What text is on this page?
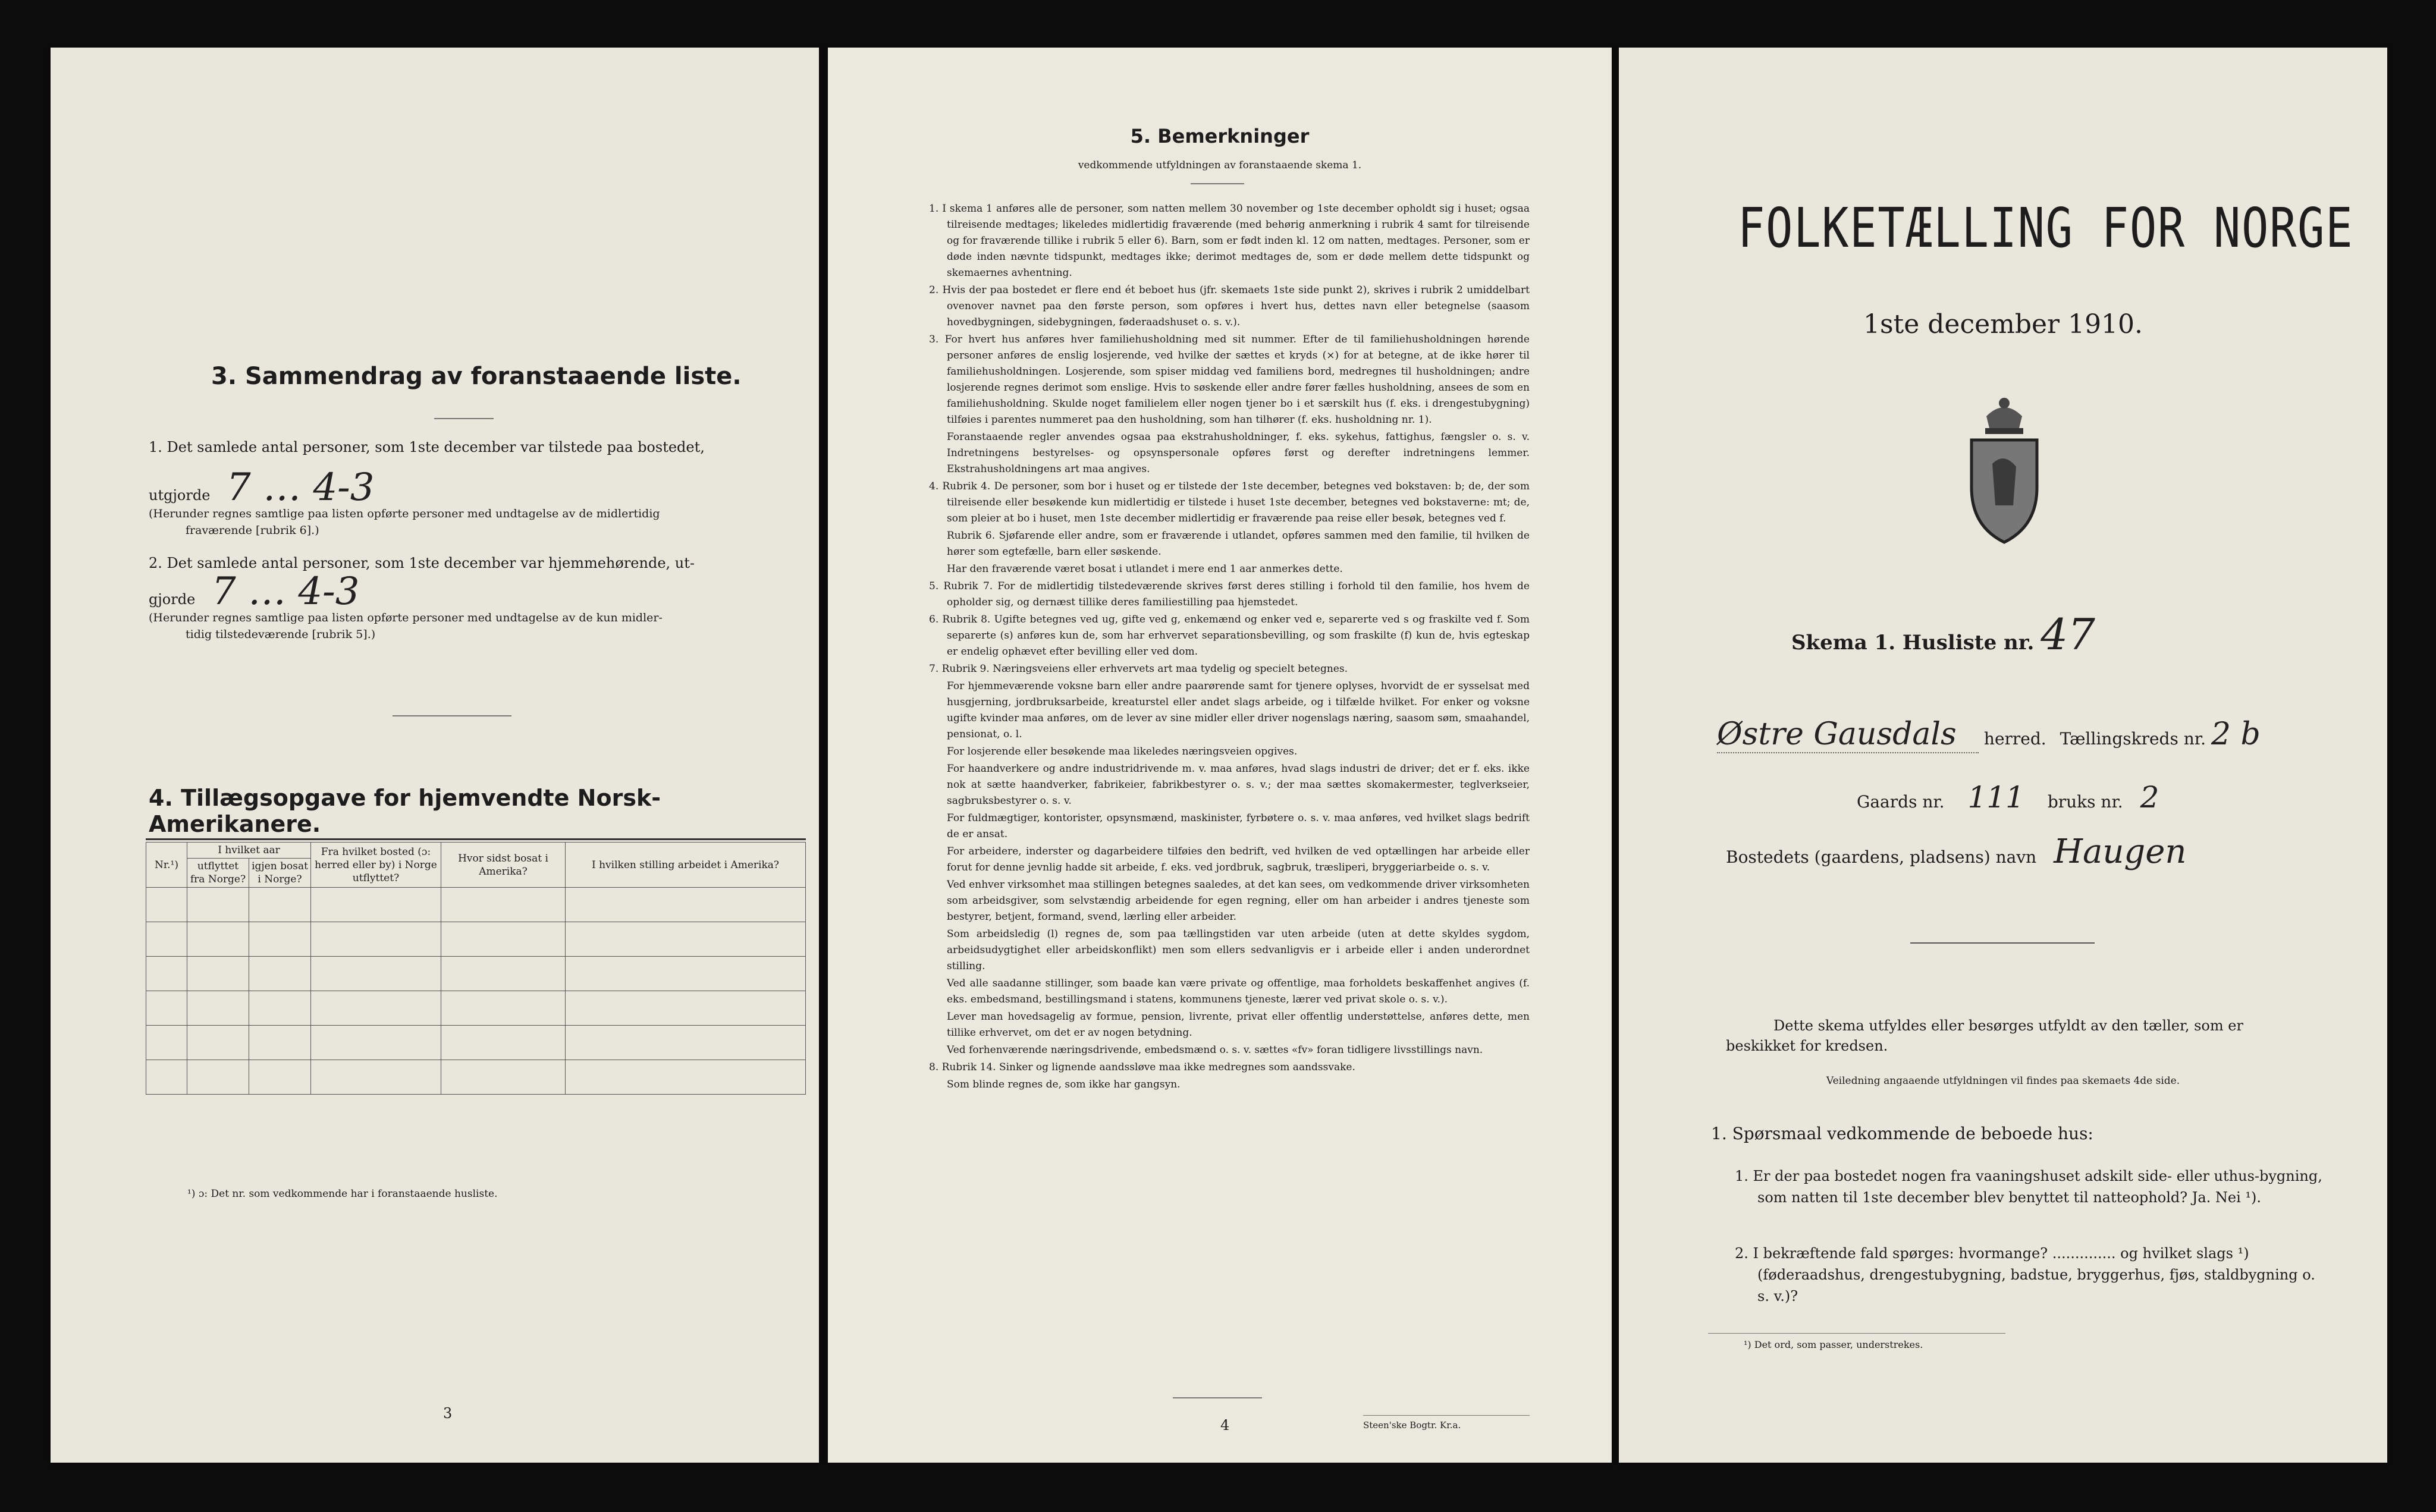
3. Sammendrag av foranstaaende liste.
1. Det samlede antal personer, som 1ste december var tilstede paa bostedet,
utgjorde 7 … 4-3
(Herunder regnes samtlige paa listen opførte personer med undtagelse av de midlertidig
fraværende [rubrik 6].)
2. Det samlede antal personer, som 1ste december var hjemmehørende, ut-
gjorde 7 … 4-3
(Herunder regnes samtlige paa listen opførte personer med undtagelse av de kun midler-
tidig tilstedeværende [rubrik 5].)
4. Tillægsopgave for hjemvendte Norsk-Amerikanere.
Nr.¹)	I hvilket aar		Fra hvilket bosted (ɔ: herred eller by) i Norge utflyttet?	Hvor sidst bosat i Amerika?	I hvilken stilling arbeidet i Amerika?
	utflyttet fra Norge?	igjen bosat i Norge?			

¹) ɔ: Det nr. som vedkommende har i foranstaaende husliste.
3
5. Bemerkninger
vedkommende utfyldningen av foranstaaende skema 1.

1. I skema 1 anføres alle de personer, som natten mellem 30 november og 1ste december opholdt sig i huset; ogsaa tilreisende medtages; likeledes midlertidig fraværende (med behørig anmerkning i rubrik 4 samt for tilreisende og for fraværende tillike i rubrik 5 eller 6). Barn, som er født inden kl. 12 om natten, medtages. Personer, som er døde inden nævnte tidspunkt, medtages ikke; derimot medtages de, som er døde mellem dette tidspunkt og skemaernes avhentning.

2. Hvis der paa bostedet er flere end ét beboet hus (jfr. skemaets 1ste side punkt 2), skrives i rubrik 2 umiddelbart ovenover navnet paa den første person, som opføres i hvert hus, dettes navn eller betegnelse (saasom hovedbygningen, sidebygningen, føderaadshuset o. s. v.).

3. For hvert hus anføres hver familiehusholdning med sit nummer. Efter de til familiehusholdningen hørende personer anføres de enslig losjerende, ved hvilke der sættes et kryds (×) for at betegne, at de ikke hører til familiehusholdningen. Losjerende, som spiser middag ved familiens bord, medregnes til husholdningen; andre losjerende regnes derimot som enslige. Hvis to søskende eller andre fører fælles husholdning, ansees de som en familiehusholdning. Skulde noget familielem eller nogen tjener bo i et særskilt hus (f. eks. i drengestubygning) tilføies i parentes nummeret paa den husholdning, som han tilhører (f. eks. husholdning nr. 1).

Foranstaaende regler anvendes ogsaa paa ekstrahusholdninger, f. eks. sykehus, fattighus, fængsler o. s. v. Indretningens bestyrelses- og opsynspersonale opføres først og derefter indretningens lemmer. Ekstrahusholdningens art maa angives.

4. Rubrik 4. De personer, som bor i huset og er tilstede der 1ste december, betegnes ved bokstaven: b; de, der som tilreisende eller besøkende kun midlertidig er tilstede i huset 1ste december, betegnes ved bokstaverne: mt; de, som pleier at bo i huset, men 1ste december midlertidig er fraværende paa reise eller besøk, betegnes ved f.

Rubrik 6. Sjøfarende eller andre, som er fraværende i utlandet, opføres sammen med den familie, til hvilken de hører som egtefælle, barn eller søskende.

Har den fraværende været bosat i utlandet i mere end 1 aar anmerkes dette.

5. Rubrik 7. For de midlertidig tilstedeværende skrives først deres stilling i forhold til den familie, hos hvem de opholder sig, og dernæst tillike deres familiestilling paa hjemstedet.

6. Rubrik 8. Ugifte betegnes ved ug, gifte ved g, enkemænd og enker ved e, separerte ved s og fraskilte ved f. Som separerte (s) anføres kun de, som har erhvervet separationsbevilling, og som fraskilte (f) kun de, hvis egteskap er endelig ophævet efter bevilling eller ved dom.

7. Rubrik 9. Næringsveiens eller erhvervets art maa tydelig og specielt betegnes.

For hjemmeværende voksne barn eller andre paarørende samt for tjenere oplyses, hvorvidt de er sysselsat med husgjerning, jordbruksarbeide, kreaturstel eller andet slags arbeide, og i tilfælde hvilket. For enker og voksne ugifte kvinder maa anføres, om de lever av sine midler eller driver nogenslags næring, saasom søm, smaahandel, pensionat, o. l.

For losjerende eller besøkende maa likeledes næringsveien opgives.

For haandverkere og andre industridrivende m. v. maa anføres, hvad slags industri de driver; det er f. eks. ikke nok at sætte haandverker, fabrikeier, fabrikbestyrer o. s. v.; der maa sættes skomakermester, teglverkseier, sagbruksbestyrer o. s. v.

For fuldmægtiger, kontorister, opsynsmænd, maskinister, fyrbøtere o. s. v. maa anføres, ved hvilket slags bedrift de er ansat.

For arbeidere, inderster og dagarbeidere tilføies den bedrift, ved hvilken de ved optællingen har arbeide eller forut for denne jevnlig hadde sit arbeide, f. eks. ved jordbruk, sagbruk, træsliperi, bryggeriarbeide o. s. v.

Ved enhver virksomhet maa stillingen betegnes saaledes, at det kan sees, om vedkommende driver virksomheten som arbeidsgiver, som selvstændig arbeidende for egen regning, eller om han arbeider i andres tjeneste som bestyrer, betjent, formand, svend, lærling eller arbeider.

Som arbeidsledig (l) regnes de, som paa tællingstiden var uten arbeide (uten at dette skyldes sygdom, arbeidsudygtighet eller arbeidskonflikt) men som ellers sedvanligvis er i arbeide eller i anden underordnet stilling.

Ved alle saadanne stillinger, som baade kan være private og offentlige, maa forholdets beskaffenhet angives (f. eks. embedsmand, bestillingsmand i statens, kommunens tjeneste, lærer ved privat skole o. s. v.).

Lever man hovedsagelig av formue, pension, livrente, privat eller offentlig understøttelse, anføres dette, men tillike erhvervet, om det er av nogen betydning.

Ved forhenværende næringsdrivende, embedsmænd o. s. v. sættes «fv» foran tidligere livsstillings navn.

8. Rubrik 14. Sinker og lignende aandssløve maa ikke medregnes som aandssvake.

Som blinde regnes de, som ikke har gangsyn.

4	Steen'ske Bogtr. Kr.a.
FOLKETÆLLING FOR NORGE
1ste december 1910.
Skema 1. Husliste nr. 47
Østre Gausdals herred. Tællingskreds nr. 2 b
Gaards nr. 111 bruks nr. 2
Bostedets (gaardens, pladsens) navn Haugen
Dette skema utfyldes eller besørges utfyldt av den tæller, som er beskikket for kredsen.
Veiledning angaaende utfyldningen vil findes paa skemaets 4de side.
1. Spørsmaal vedkommende de beboede hus:
1. Er der paa bostedet nogen fra vaaningshuset adskilt side- eller uthus-bygning, som natten til 1ste december blev benyttet til natteophold? Ja. Nei ¹).
2. I bekræftende fald spørges: hvormange? .............. og hvilket slags ¹) (føderaadshus, drengestubygning, badstue, bryggerhus, fjøs, staldbygning o. s. v.)?
¹) Det ord, som passer, understrekes.
